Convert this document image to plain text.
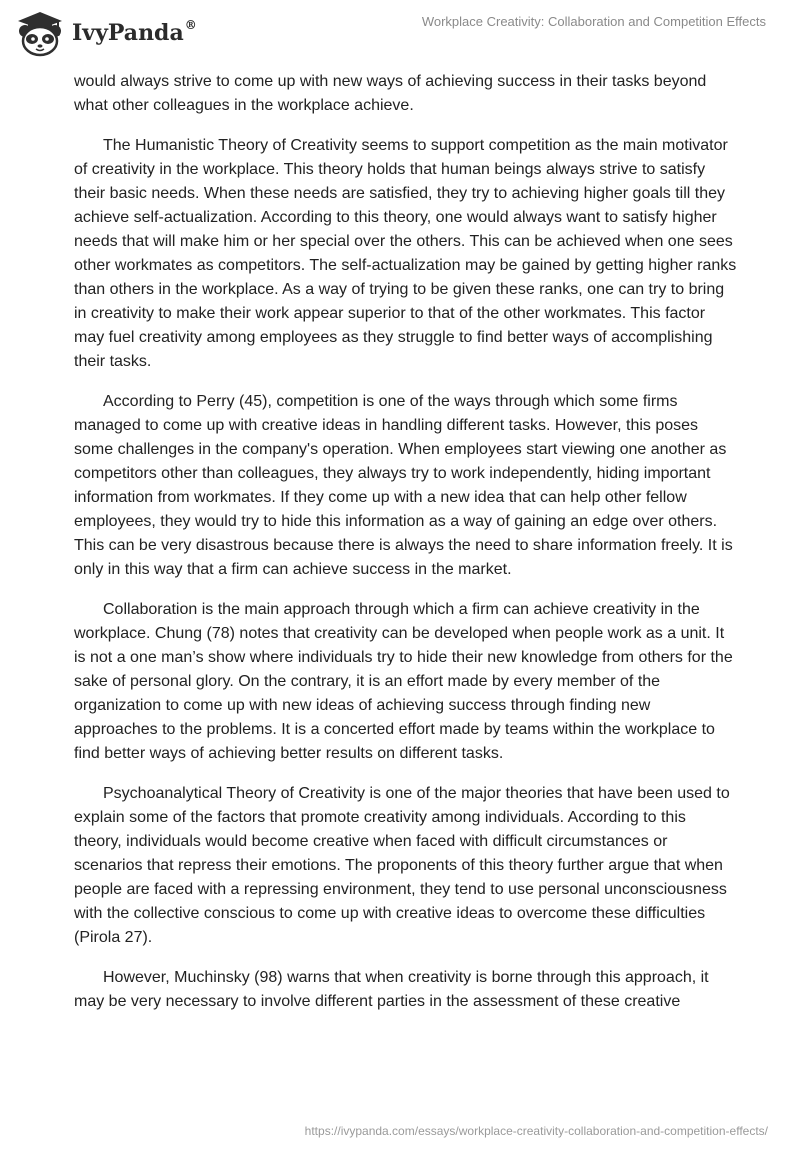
IvyPanda®	Workplace Creativity: Collaboration and Competition Effects

would always strive to come up with new ways of achieving success in their tasks beyond what other colleagues in the workplace achieve.

The Humanistic Theory of Creativity seems to support competition as the main motivator of creativity in the workplace. This theory holds that human beings always strive to satisfy their basic needs. When these needs are satisfied, they try to achieving higher goals till they achieve self-actualization. According to this theory, one would always want to satisfy higher needs that will make him or her special over the others. This can be achieved when one sees other workmates as competitors. The self-actualization may be gained by getting higher ranks than others in the workplace. As a way of trying to be given these ranks, one can try to bring in creativity to make their work appear superior to that of the other workmates. This factor may fuel creativity among employees as they struggle to find better ways of accomplishing their tasks.

According to Perry (45), competition is one of the ways through which some firms managed to come up with creative ideas in handling different tasks. However, this poses some challenges in the company's operation. When employees start viewing one another as competitors other than colleagues, they always try to work independently, hiding important information from workmates. If they come up with a new idea that can help other fellow employees, they would try to hide this information as a way of gaining an edge over others. This can be very disastrous because there is always the need to share information freely. It is only in this way that a firm can achieve success in the market.

Collaboration is the main approach through which a firm can achieve creativity in the workplace. Chung (78) notes that creativity can be developed when people work as a unit. It is not a one man’s show where individuals try to hide their new knowledge from others for the sake of personal glory. On the contrary, it is an effort made by every member of the organization to come up with new ideas of achieving success through finding new approaches to the problems. It is a concerted effort made by teams within the workplace to find better ways of achieving better results on different tasks.

Psychoanalytical Theory of Creativity is one of the major theories that have been used to explain some of the factors that promote creativity among individuals. According to this theory, individuals would become creative when faced with difficult circumstances or scenarios that repress their emotions. The proponents of this theory further argue that when people are faced with a repressing environment, they tend to use personal unconsciousness with the collective conscious to come up with creative ideas to overcome these difficulties (Pirola 27).

However, Muchinsky (98) warns that when creativity is borne through this approach, it may be very necessary to involve different parties in the assessment of these creative

https://ivypanda.com/essays/workplace-creativity-collaboration-and-competition-effects/
